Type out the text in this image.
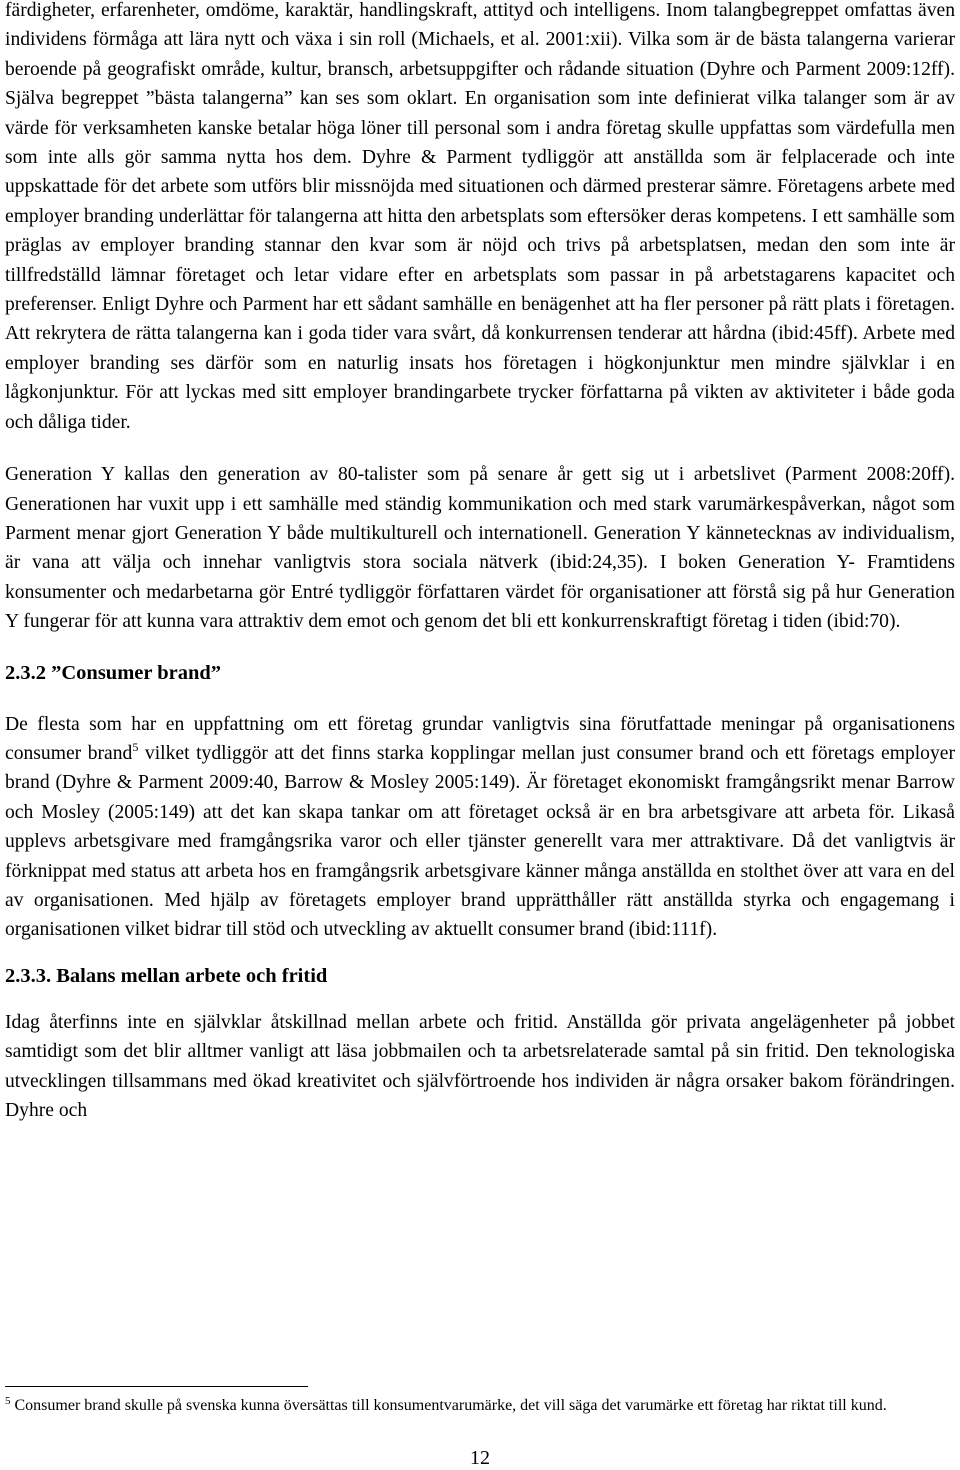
färdigheter, erfarenheter, omdöme, karaktär, handlingskraft, attityd och intelligens. Inom talangbegreppet omfattas även individens förmåga att lära nytt och växa i sin roll (Michaels, et al. 2001:xii). Vilka som är de bästa talangerna varierar beroende på geografiskt område, kultur, bransch, arbetsuppgifter och rådande situation (Dyhre och Parment 2009:12ff). Själva begreppet ”bästa talangerna” kan ses som oklart. En organisation som inte definierat vilka talanger som är av värde för verksamheten kanske betalar höga löner till personal som i andra företag skulle uppfattas som värdefulla men som inte alls gör samma nytta hos dem. Dyhre & Parment tydliggör att anställda som är felplacerade och inte uppskattade för det arbete som utförs blir missnöjda med situationen och därmed presterar sämre. Företagens arbete med employer branding underlättar för talangerna att hitta den arbetsplats som eftersöker deras kompetens. I ett samhälle som präglas av employer branding stannar den kvar som är nöjd och trivs på arbetsplatsen, medan den som inte är tillfredställd lämnar företaget och letar vidare efter en arbetsplats som passar in på arbetstagarens kapacitet och preferenser. Enligt Dyhre och Parment har ett sådant samhälle en benägenhet att ha fler personer på rätt plats i företagen. Att rekrytera de rätta talangerna kan i goda tider vara svårt, då konkurrensen tenderar att hårdna (ibid:45ff). Arbete med employer branding ses därför som en naturlig insats hos företagen i högkonjunktur men mindre självklar i en lågkonjunktur. För att lyckas med sitt employer brandingarbete trycker författarna på vikten av aktiviteter i både goda och dåliga tider.

Generation Y kallas den generation av 80-talister som på senare år gett sig ut i arbetslivet (Parment 2008:20ff). Generationen har vuxit upp i ett samhälle med ständig kommunikation och med stark varumärkespåverkan, något som Parment menar gjort Generation Y både multikulturell och internationell. Generation Y kännetecknas av individualism, är vana att välja och innehar vanligtvis stora sociala nätverk (ibid:24,35). I boken Generation Y- Framtidens konsumenter och medarbetarna gör Entré tydliggör författaren värdet för organisationer att förstå sig på hur Generation Y fungerar för att kunna vara attraktiv dem emot och genom det bli ett konkurrenskraftigt företag i tiden (ibid:70).

2.3.2 ”Consumer brand”

De flesta som har en uppfattning om ett företag grundar vanligtvis sina förutfattade meningar på organisationens consumer brand$^5$ vilket tydliggör att det finns starka kopplingar mellan just consumer brand och ett företags employer brand (Dyhre & Parment 2009:40, Barrow & Mosley 2005:149). Är företaget ekonomiskt framgångsrikt menar Barrow och Mosley (2005:149) att det kan skapa tankar om att företaget också är en bra arbetsgivare att arbeta för. Likaså upplevs arbetsgivare med framgångsrika varor och eller tjänster generellt vara mer attraktivare. Då det vanligtvis är förknippat med status att arbeta hos en framgångsrik arbetsgivare känner många anställda en stolthet över att vara en del av organisationen. Med hjälp av företagets employer brand upprätthåller rätt anställda styrka och engagemang i organisationen vilket bidrar till stöd och utveckling av aktuellt consumer brand (ibid:111f).

2.3.3. Balans mellan arbete och fritid

Idag återfinns inte en självklar åtskillnad mellan arbete och fritid. Anställda gör privata angelägenheter på jobbet samtidigt som det blir alltmer vanligt att läsa jobbmailen och ta arbetsrelaterade samtal på sin fritid. Den teknologiska utvecklingen tillsammans med ökad kreativitet och självförtroende hos individen är några orsaker bakom förändringen. Dyhre och

$^5$ Consumer brand skulle på svenska kunna översättas till konsumentvarumärke, det vill säga det varumärke ett företag har riktat till kund.
12
